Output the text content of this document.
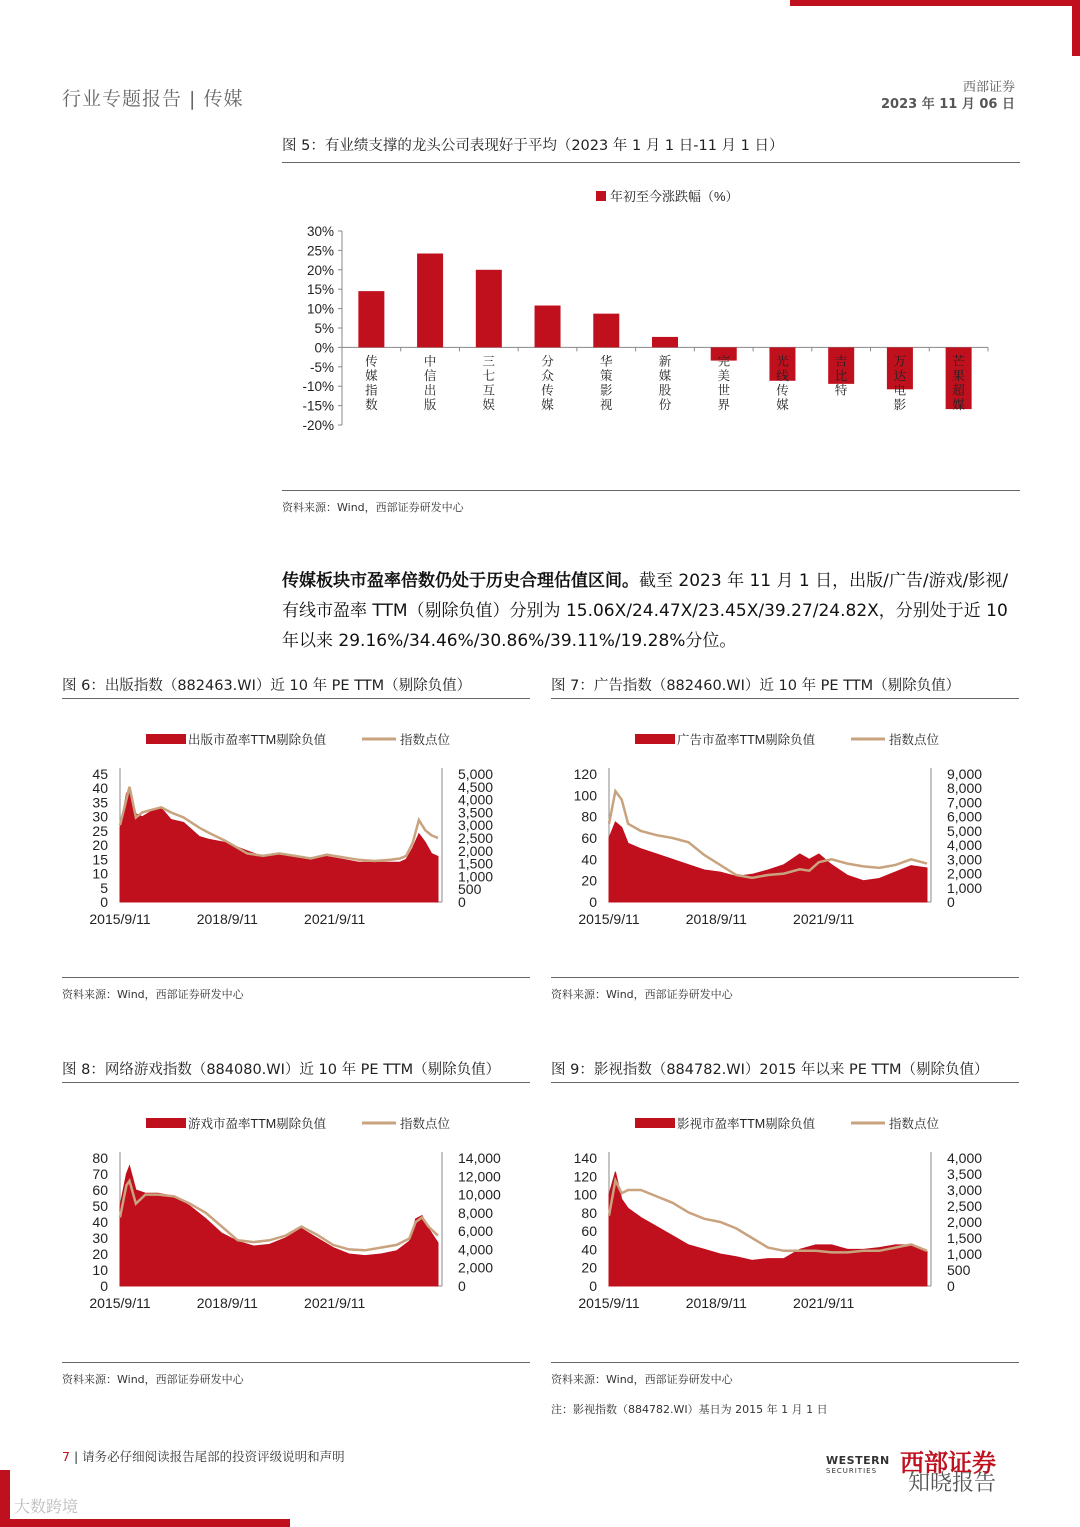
行业专题报告 | 传媒
西部证券
2023 年 11 月 06 日
图 5：有业绩支撑的龙头公司表现好于平均（2023 年 1 月 1 日-11 月 1 日）
年初至今涨跌幅（%）
-20%
-15%
-10%
-5%
0%
5%
10%
15%
20%
25%
30%
传
媒
指
数
中
信
出
版
三
七
互
娱
分
众
传
媒
华
策
影
视
新
媒
股
份
完
美
世
界
光
线
传
媒
吉
比
特
万
达
电
影
芒
果
超
媒
资料来源：Wind，西部证券研发中心
传媒板块市盈率倍数仍处于历史合理估值区间。截至 2023 年 11 月 1 日，出版/广告/游戏/影视/有线市盈率 TTM（剔除负值）分别为 15.06X/24.47X/23.45X/39.27/24.82X，分别处于近 10 年以来 29.16%/34.46%/30.86%/39.11%/19.28%分位。
图 6：出版指数（882463.WI）近 10 年 PE TTM（剔除负值）
出版市盈率TTM剔除负值	指数点位
0
5
10
15
20
25
30
35
40
45
0
500
1,000
1,500
2,000
2,500
3,000
3,500
4,000
4,500
5,000
2015/9/11	2018/9/11	2021/9/11
资料来源：Wind，西部证券研发中心
图 7：广告指数（882460.WI）近 10 年 PE TTM（剔除负值）
广告市盈率TTM剔除负值	指数点位
0
20
40
60
80
100
120
0
1,000
2,000
3,000
4,000
5,000
6,000
7,000
8,000
9,000
2015/9/11	2018/9/11	2021/9/11
资料来源：Wind，西部证券研发中心
图 8：网络游戏指数（884080.WI）近 10 年 PE TTM（剔除负值）
游戏市盈率TTM剔除负值	指数点位
0
10
20
30
40
50
60
70
80
0
2,000
4,000
6,000
8,000
10,000
12,000
14,000
2015/9/11	2018/9/11	2021/9/11
资料来源：Wind，西部证券研发中心
图 9：影视指数（884782.WI）2015 年以来 PE TTM（剔除负值）
影视市盈率TTM剔除负值	指数点位
0
20
40
60
80
100
120
140
0
500
1,000
1,500
2,000
2,500
3,000
3,500
4,000
2015/9/11	2018/9/11	2021/9/11
资料来源：Wind，西部证券研发中心
注：影视指数（884782.WI）基日为 2015 年 1 月 1 日
7 | 请务必仔细阅读报告尾部的投资评级说明和声明	WESTERN
SECURITIES 西部证券
知晓报告
大数跨境
